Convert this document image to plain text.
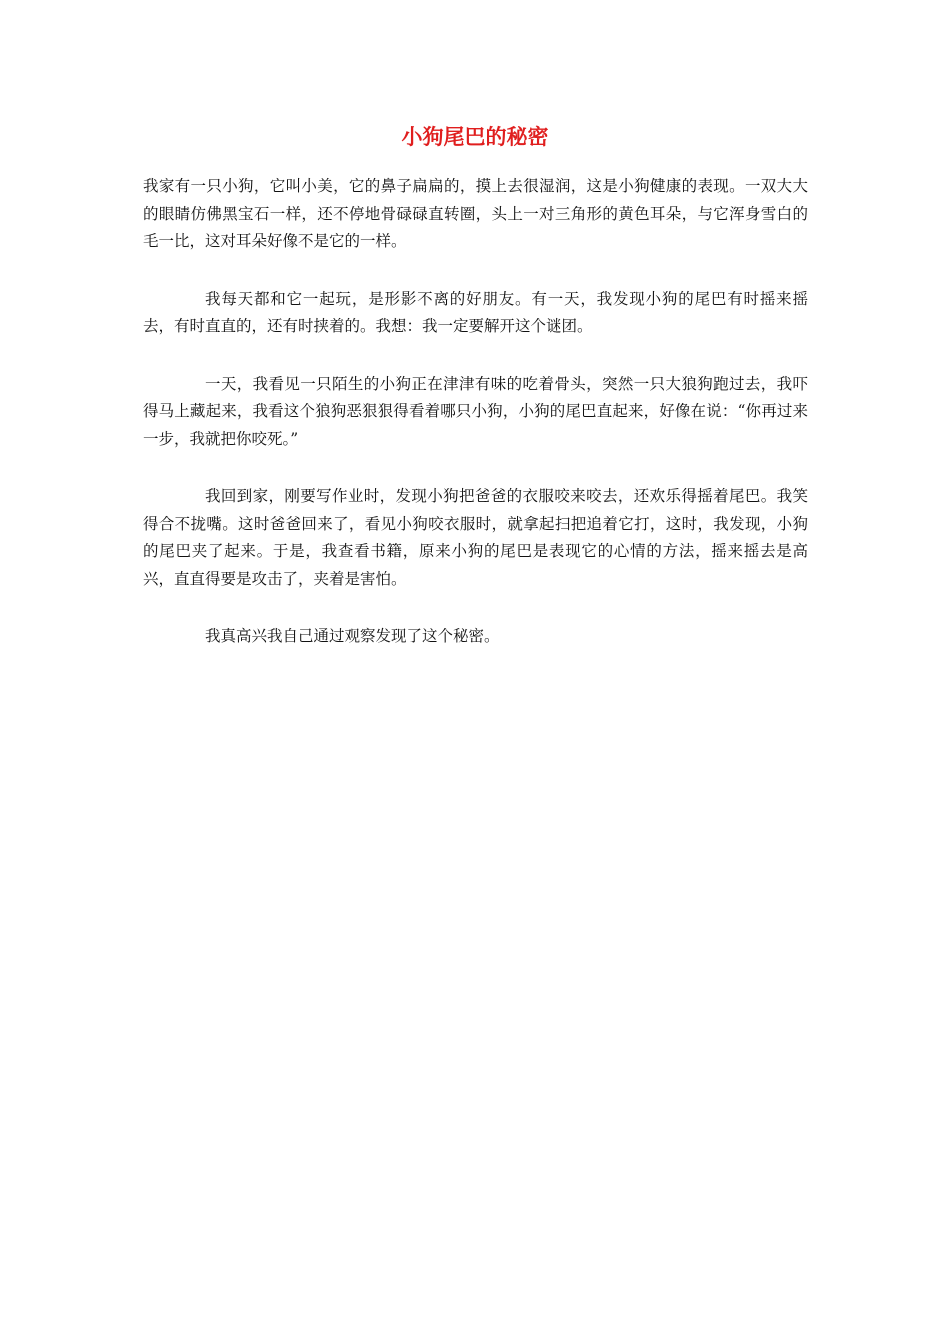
小狗尾巴的秘密

我家有一只小狗，它叫小美，它的鼻子扁扁的，摸上去很湿润，这是小狗健康的表现。一双大大的眼睛仿佛黑宝石一样，还不停地骨碌碌直转圈，头上一对三角形的黄色耳朵，与它浑身雪白的毛一比，这对耳朵好像不是它的一样。

我每天都和它一起玩，是形影不离的好朋友。有一天，我发现小狗的尾巴有时摇来摇去，有时直直的，还有时挟着的。我想：我一定要解开这个谜团。

一天，我看见一只陌生的小狗正在津津有味的吃着骨头，突然一只大狼狗跑过去，我吓得马上藏起来，我看这个狼狗恶狠狠得看着哪只小狗，小狗的尾巴直起来，好像在说：“你再过来一步，我就把你咬死。”

我回到家，刚要写作业时，发现小狗把爸爸的衣服咬来咬去，还欢乐得摇着尾巴。我笑得合不拢嘴。这时爸爸回来了，看见小狗咬衣服时，就拿起扫把追着它打，这时，我发现，小狗的尾巴夹了起来。于是，我查看书籍，原来小狗的尾巴是表现它的心情的方法，摇来摇去是高兴，直直得要是攻击了，夹着是害怕。

我真高兴我自己通过观察发现了这个秘密。
